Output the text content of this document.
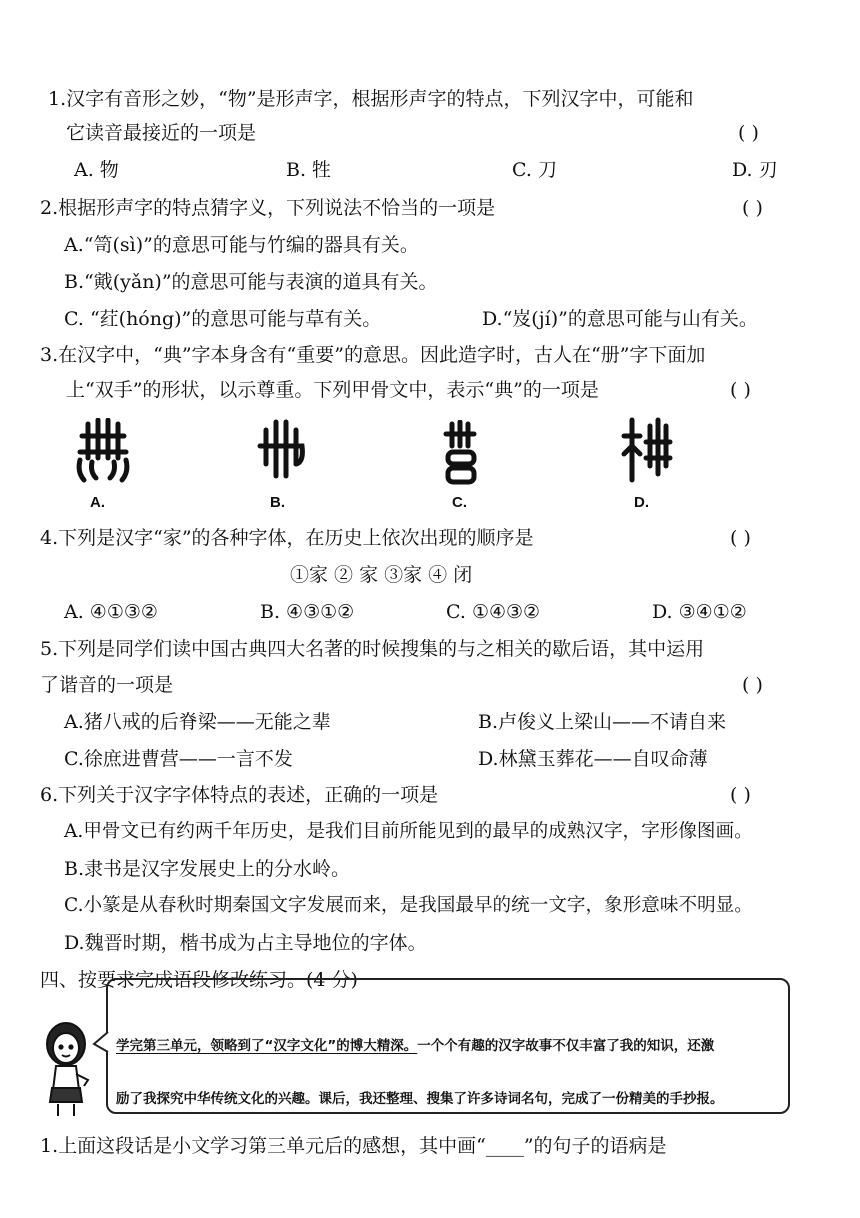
1.汉字有音形之妙，“物”是形声字，根据形声字的特点，下列汉字中，可能和
它读音最接近的一项是	( )
A. 物	B. 牲	C. 刀	D. 刃
2.根据形声字的特点猜字义，下列说法不恰当的一项是	( )
A.“笥(sì)”的意思可能与竹编的器具有关。
B.“戭(yǎn)”的意思可能与表演的道具有关。
C. “荭(hóng)”的意思可能与草有关。	D.“岌(jí)”的意思可能与山有关。
3.在汉字中，“典”字本身含有“重要”的意思。因此造字时，古人在“册”字下面加
上“双手”的形状，以示尊重。下列甲骨文中，表示“典”的一项是	( )
A.	B.	C.	D.
4.下列是汉字“家”的各种字体，在历史上依次出现的顺序是	( )
①家 ② 家 ③家 ④ 闭
A. ④①③②	B. ④③①②	C. ①④③②	D. ③④①②
5.下列是同学们读中国古典四大名著的时候搜集的与之相关的歇后语，其中运用
了谐音的一项是	( )
A.猪八戒的后脊梁——无能之辈	B.卢俊义上梁山——不请自来
C.徐庶进曹营——一言不发	D.林黛玉葬花——自叹命薄
6.下列关于汉字字体特点的表述，正确的一项是	( )
A.甲骨文已有约两千年历史，是我们目前所能见到的最早的成熟汉字，字形像图画。
B.隶书是汉字发展史上的分水岭。
C.小篆是从春秋时期秦国文字发展而来，是我国最早的统一文字，象形意味不明显。
D.魏晋时期，楷书成为占主导地位的字体。
四、按要求完成语段修改练习。(4 分)
学完第三单元，领略到了“汉字文化”的博大精深。一个个有趣的汉字故事不仅丰富了我的知识，还激
励了我探究中华传统文化的兴趣。课后，我还整理、搜集了许多诗词名句，完成了一份精美的手抄报。
1.上面这段话是小文学习第三单元后的感想，其中画“____”的句子的语病是
